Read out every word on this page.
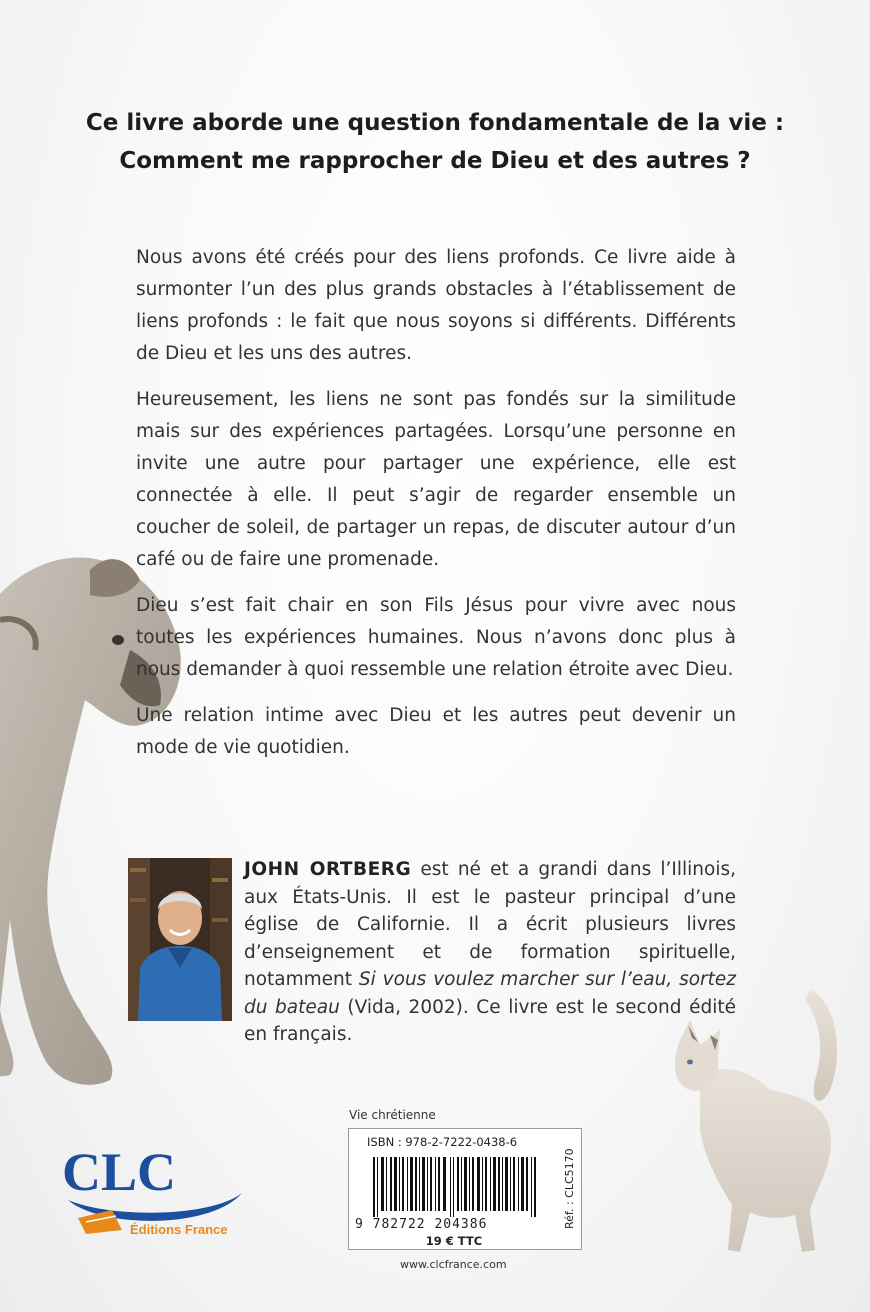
Ce livre aborde une question fondamentale de la vie :
Comment me rapprocher de Dieu et des autres ?

Nous avons été créés pour des liens profonds. Ce livre aide à surmonter l’un des plus grands obstacles à l’établissement de liens profonds : le fait que nous soyons si différents. Différents de Dieu et les uns des autres.

Heureusement, les liens ne sont pas fondés sur la similitude mais sur des expériences partagées. Lorsqu’une personne en invite une autre pour partager une expérience, elle est connectée à elle. Il peut s’agir de regarder ensemble un coucher de soleil, de partager un repas, de discuter autour d’un café ou de faire une promenade.

Dieu s’est fait chair en son Fils Jésus pour vivre avec nous toutes les expériences humaines. Nous n’avons donc plus à nous demander à quoi ressemble une relation étroite avec Dieu.

Une relation intime avec Dieu et les autres peut devenir un mode de vie quotidien.

JOHN ORTBERG est né et a grandi dans l’Illinois, aux États-Unis. Il est le pasteur principal d’une église de Californie. Il a écrit plusieurs livres d’enseignement et de formation spirituelle, notamment Si vous voulez marcher sur l’eau, sortez du bateau (Vida, 2002). Ce livre est le second édité en français.
CLC
Éditions France
Vie chrétienne
ISBN : 978-2-7222-0438-6
9 782722 204386
19 € TTC
Réf. : CLC5170
www.clcfrance.com
